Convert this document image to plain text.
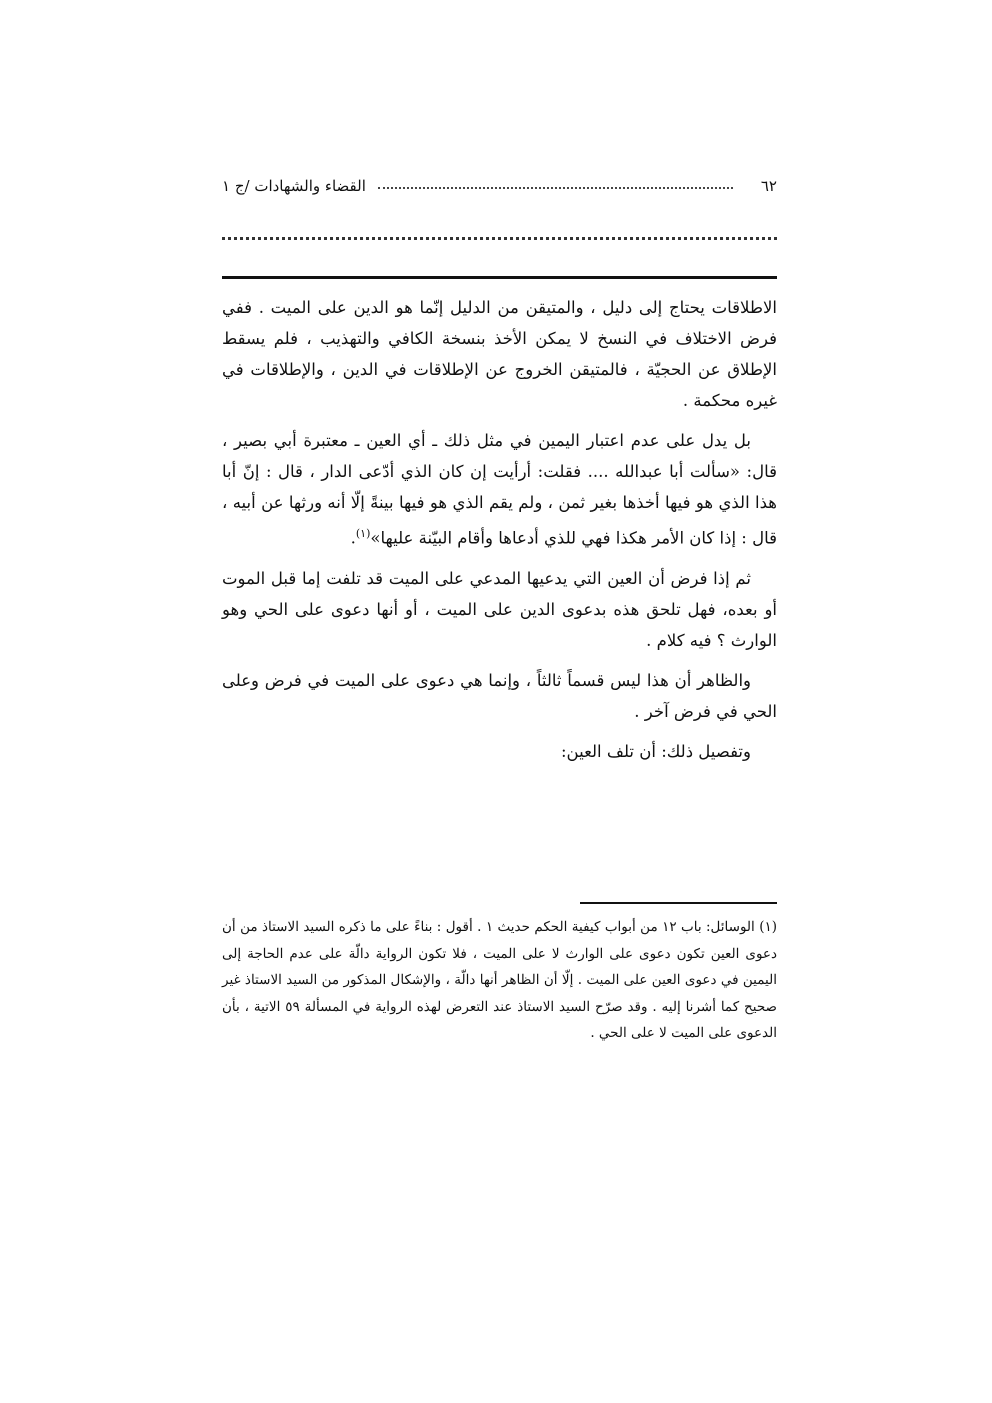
٦٢
القضاء والشهادات /ج ١

الاطلاقات يحتاج إلى دليل ، والمتيقن من الدليل إنّما هو الدين على الميت . ففي فرض الاختلاف في النسخ لا يمكن الأخذ بنسخة الكافي والتهذيب ، فلم يسقط الإطلاق عن الحجيّة ، فالمتيقن الخروج عن الإطلاقات في الدين ، والإطلاقات في غيره محكمة .

بل يدل على عدم اعتبار اليمين في مثل ذلك ـ أي العين ـ معتبرة أبي بصير ، قال: «سألت أبا عبدالله .... فقلت: أرأيت إن كان الذي أدّعى الدار ، قال : إنّ أبا هذا الذي هو فيها أخذها بغير ثمن ، ولم يقم الذي هو فيها بينةً إلّا أنه ورثها عن أبيه ، قال : إذا كان الأمر هكذا فهي للذي أدعاها وأقام البيّنة عليها»$^{(١)}$.

ثم إذا فرض أن العين التي يدعيها المدعي على الميت قد تلفت إما قبل الموت أو بعده، فهل تلحق هذه بدعوى الدين على الميت ، أو أنها دعوى على الحي وهو الوارث ؟ فيه كلام .

والظاهر أن هذا ليس قسماً ثالثاً ، وإنما هي دعوى على الميت في فرض وعلى الحي في فرض آخر .

وتفصيل ذلك: أن تلف العين:

(١) الوسائل: باب ١٢ من أبواب كيفية الحكم حديث ١ . أقول : بناءً على ما ذكره السيد الاستاذ من أن دعوى العين تكون دعوى على الوارث لا على الميت ، فلا تكون الرواية دالّة على عدم الحاجة إلى اليمين في دعوى العين على الميت . إلّا أن الظاهر أنها دالّة ، والإشكال المذكور من السيد الاستاذ غير صحيح كما أشرنا إليه . وقد صرّح السيد الاستاذ عند التعرض لهذه الرواية في المسألة ٥٩ الاتية ، بأن الدعوى على الميت لا على الحي .
